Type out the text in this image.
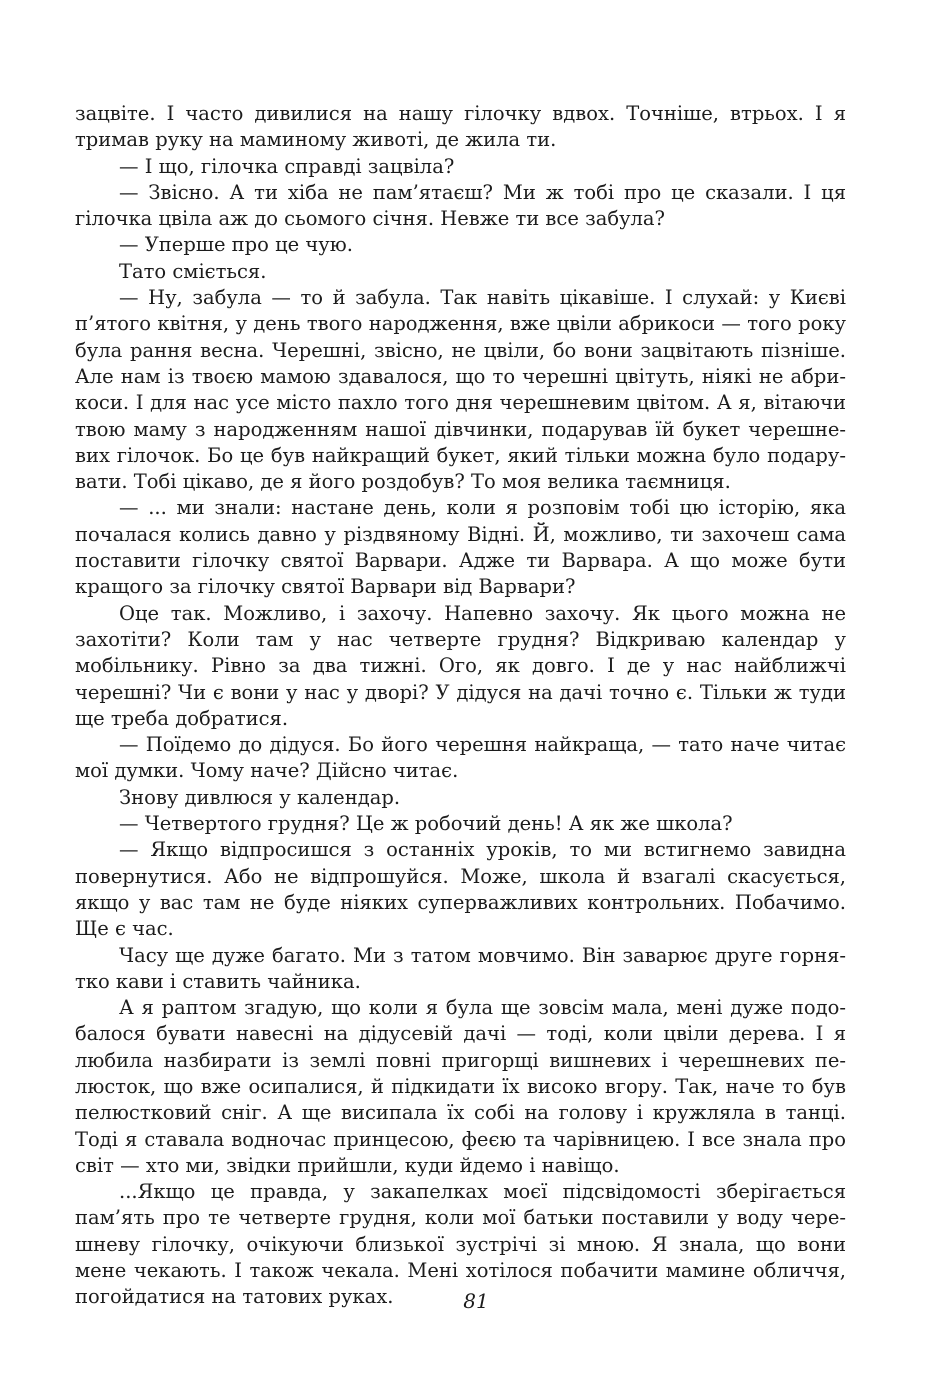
зацвіте. І часто дивилися на нашу гілочку вдвох. Точніше, втрьох. І я тримав руку на маминому животі, де жила ти.

— І що, гілочка справді зацвіла?

— Звісно. А ти хіба не пам’ятаєш? Ми ж тобі про це сказали. І ця гілочка цвіла аж до сьомого січня. Невже ти все забула?

— Уперше про це чую.

Тато сміється.

— Ну, забула — то й забула. Так навіть цікавіше. І слухай: у Києві п’ятого квітня, у день твого народження, вже цвіли абрикоси — того року була рання весна. Черешні, звісно, не цвіли, бо вони зацвітають пізніше. Але нам із твоєю мамою здавалося, що то черешні цвітуть, ніякі не абрикоси. І для нас усе місто пахло того дня черешневим цвітом. А я, вітаючи твою маму з народженням нашої дівчинки, подарував їй букет черешневих гілочок. Бо це був найкращий букет, який тільки можна було подарувати. Тобі цікаво, де я його роздобув? То моя велика таємниця.

— ... ми знали: настане день, коли я розповім тобі цю історію, яка почалася колись давно у різдвяному Відні. Й, можливо, ти захочеш сама поставити гілочку святої Варвари. Адже ти Варвара. А що може бути кращого за гілочку святої Варвари від Варвари?

Оце так. Можливо, і захочу. Напевно захочу. Як цього можна не захотіти? Коли там у нас четверте грудня? Відкриваю календар у мобільнику. Рівно за два тижні. Ого, як довго. І де у нас найближчі черешні? Чи є вони у нас у дворі? У дідуся на дачі точно є. Тільки ж туди ще треба добратися.

— Поїдемо до дідуся. Бо його черешня найкраща, — тато наче читає мої думки. Чому наче? Дійсно читає.

Знову дивлюся у календар.

— Четвертого грудня? Це ж робочий день! А як же школа?

— Якщо відпросишся з останніх уроків, то ми встигнемо завидна повернутися. Або не відпрошуйся. Може, школа й взагалі скасується, якщо у вас там не буде ніяких суперважливих контрольних. Побачимо. Ще є час.

Часу ще дуже багато. Ми з татом мовчимо. Він заварює друге горнятко кави і ставить чайника.

А я раптом згадую, що коли я була ще зовсім мала, мені дуже подобалося бувати навесні на дідусевій дачі — тоді, коли цвіли дерева. І я любила назбирати із землі повні пригорщі вишневих і черешневих пелюсток, що вже осипалися, й підкидати їх високо вгору. Так, наче то був пелюстковий сніг. А ще висипала їх собі на голову і кружляла в танці. Тоді я ставала водночас принцесою, феєю та чарівницею. І все знала про світ — хто ми, звідки прийшли, куди йдемо і навіщо.

...Якщо це правда, у закапелках моєї підсвідомості зберігається пам’ять про те четверте грудня, коли мої батьки поставили у воду черешневу гілочку, очікуючи близької зустрічі зі мною. Я знала, що вони мене чекають. І також чекала. Мені хотілося побачити мамине обличчя, погойдатися на татових руках.	81
